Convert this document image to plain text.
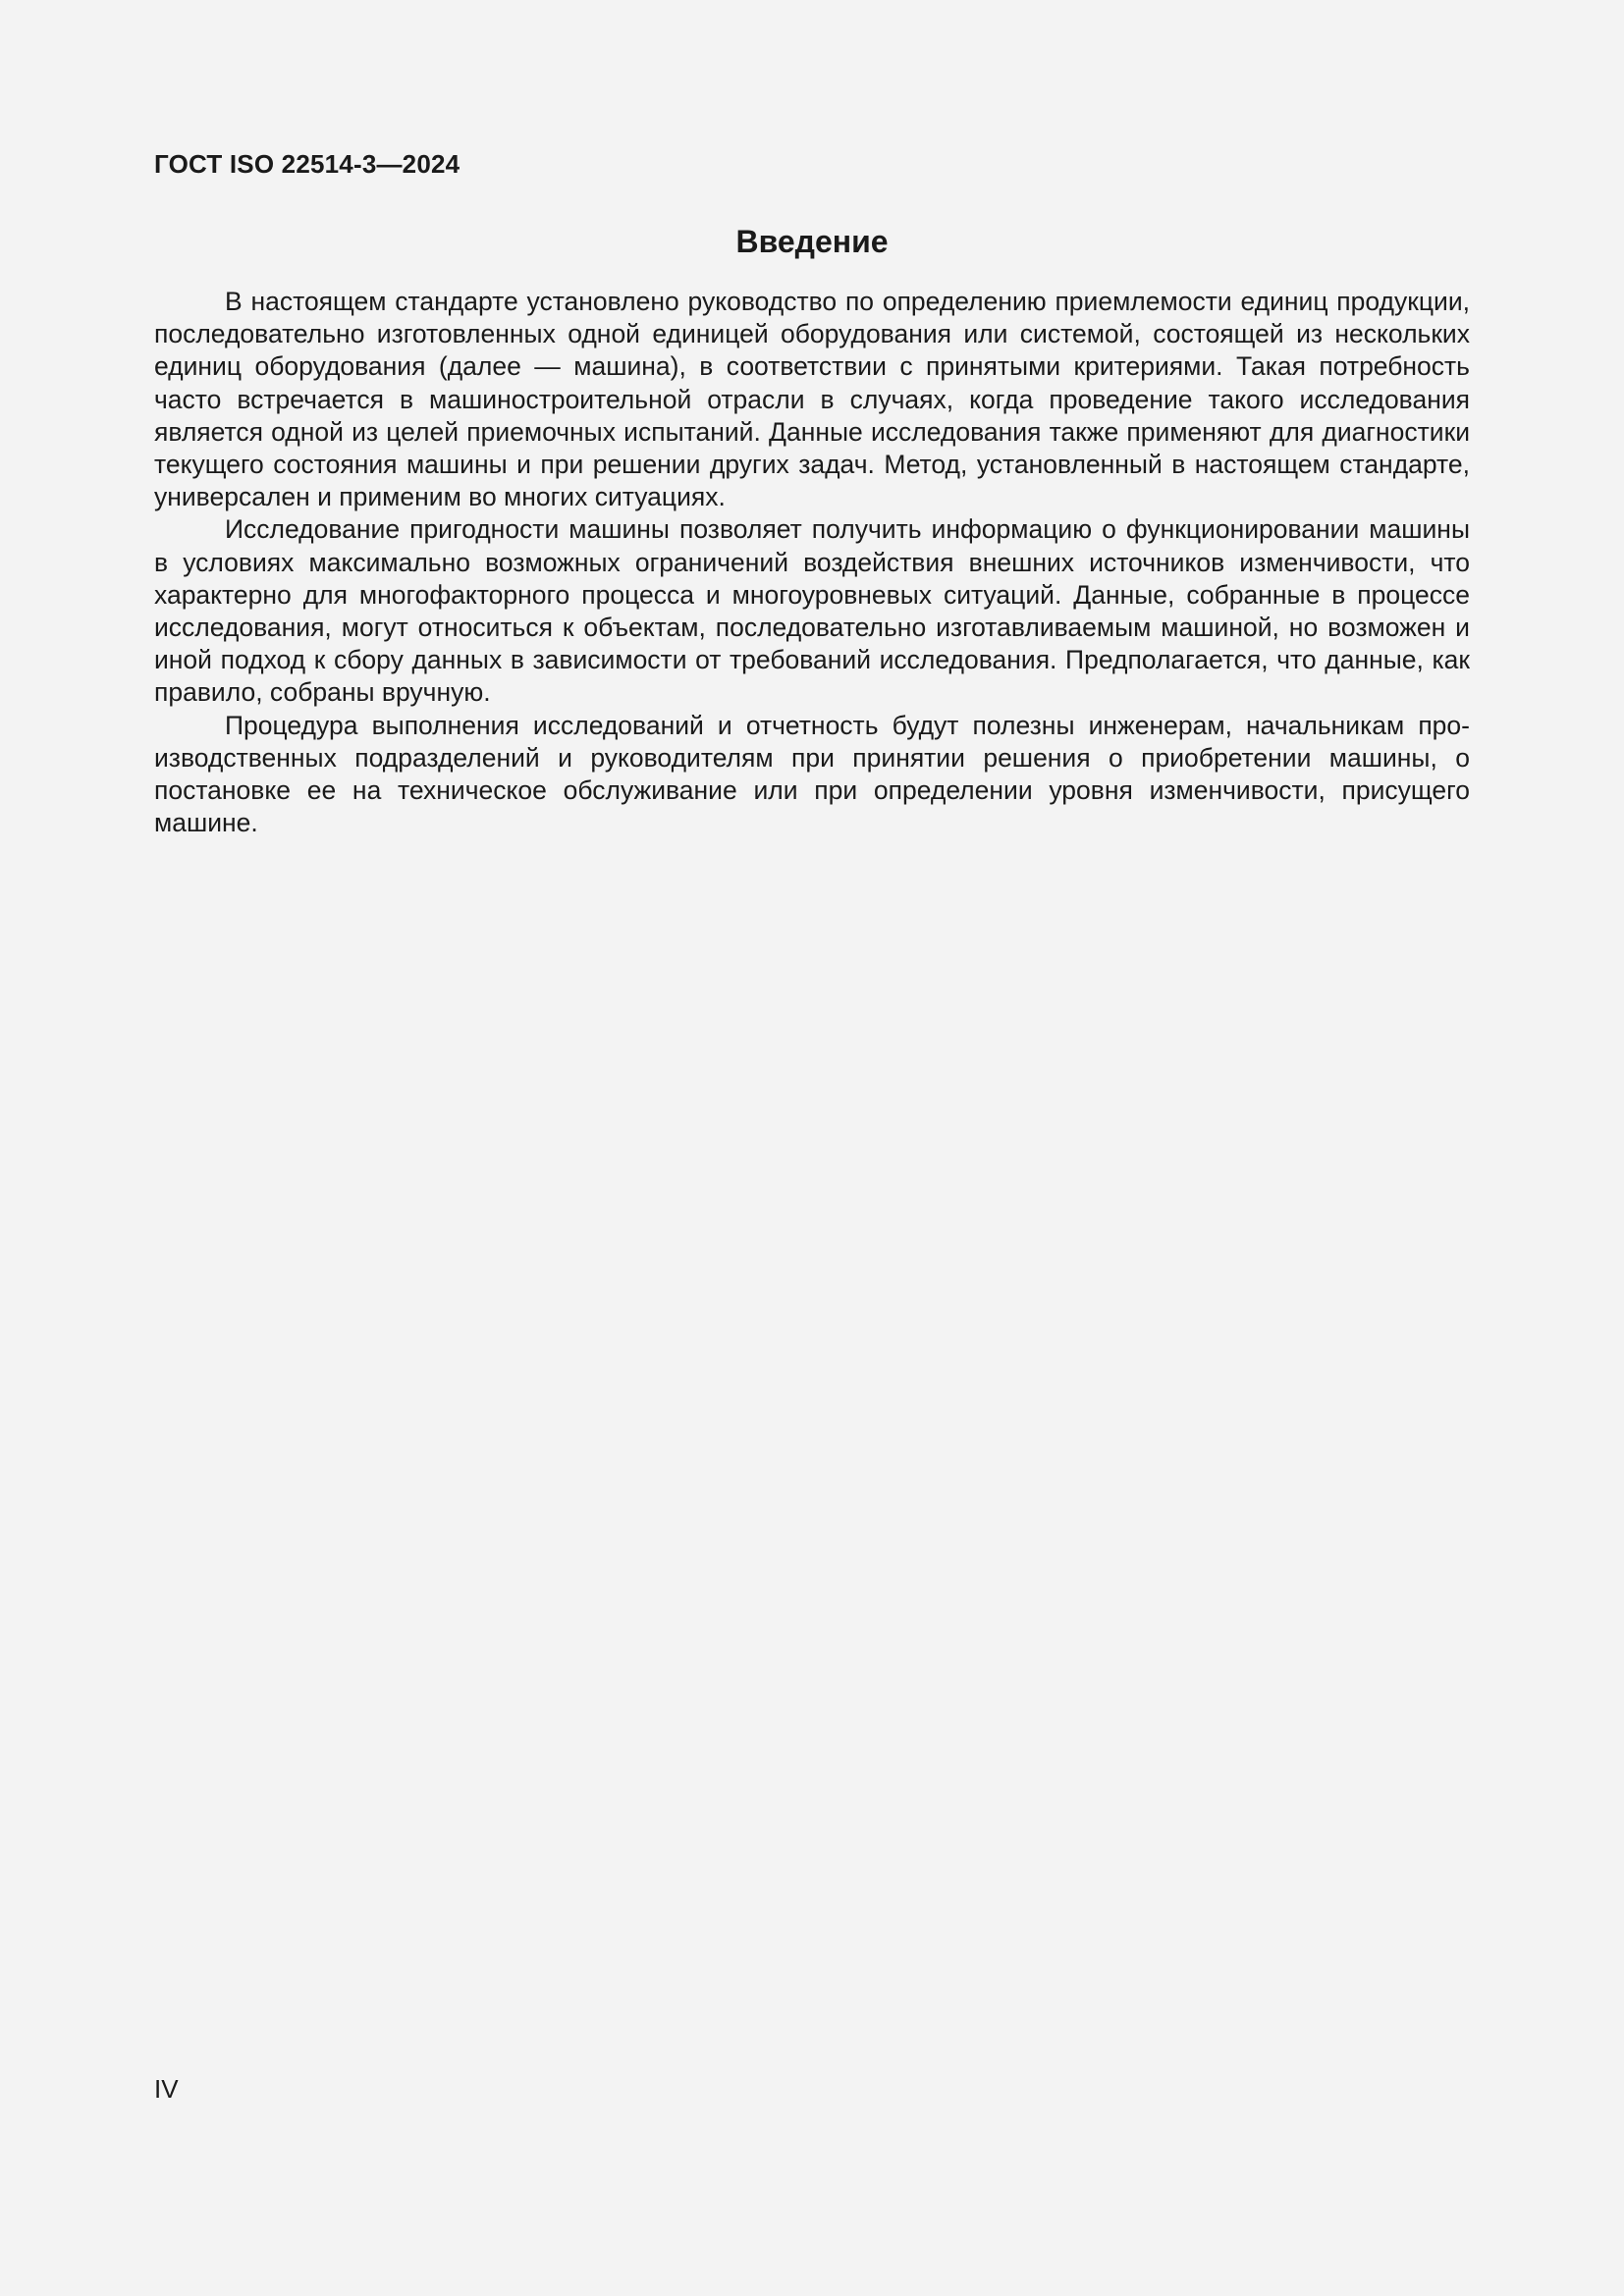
ГОСТ ISO 22514-3—2024
Введение

В настоящем стандарте установлено руководство по определению приемлемости единиц продукции, последовательно изготовленных одной единицей оборудования или системой, состоящей из нескольких единиц оборудования (далее — машина), в соответствии с принятыми критериями. Такая потребность часто встречается в машиностроительной отрасли в случаях, когда проведение такого исследования является одной из целей приемочных испытаний. Данные исследования также применяют для диагностики текущего состояния машины и при решении других задач. Метод, установленный в настоящем стандарте, универсален и применим во многих ситуациях.

Исследование пригодности машины позволяет получить информацию о функционировании машины в условиях максимально возможных ограничений воздействия внешних источников изменчивости, что характерно для многофакторного процесса и многоуровневых ситуаций. Данные, собранные в процессе исследования, могут относиться к объектам, последовательно изготавливаемым машиной, но возможен и иной подход к сбору данных в зависимости от требований исследования. Предполагается, что данные, как правило, собраны вручную.

Процедура выполнения исследований и отчетность будут полезны инженерам, начальникам производственных подразделений и руководителям при принятии решения о приобретении машины, о постановке ее на техническое обслуживание или при определении уровня изменчивости, присущего машине.

IV
